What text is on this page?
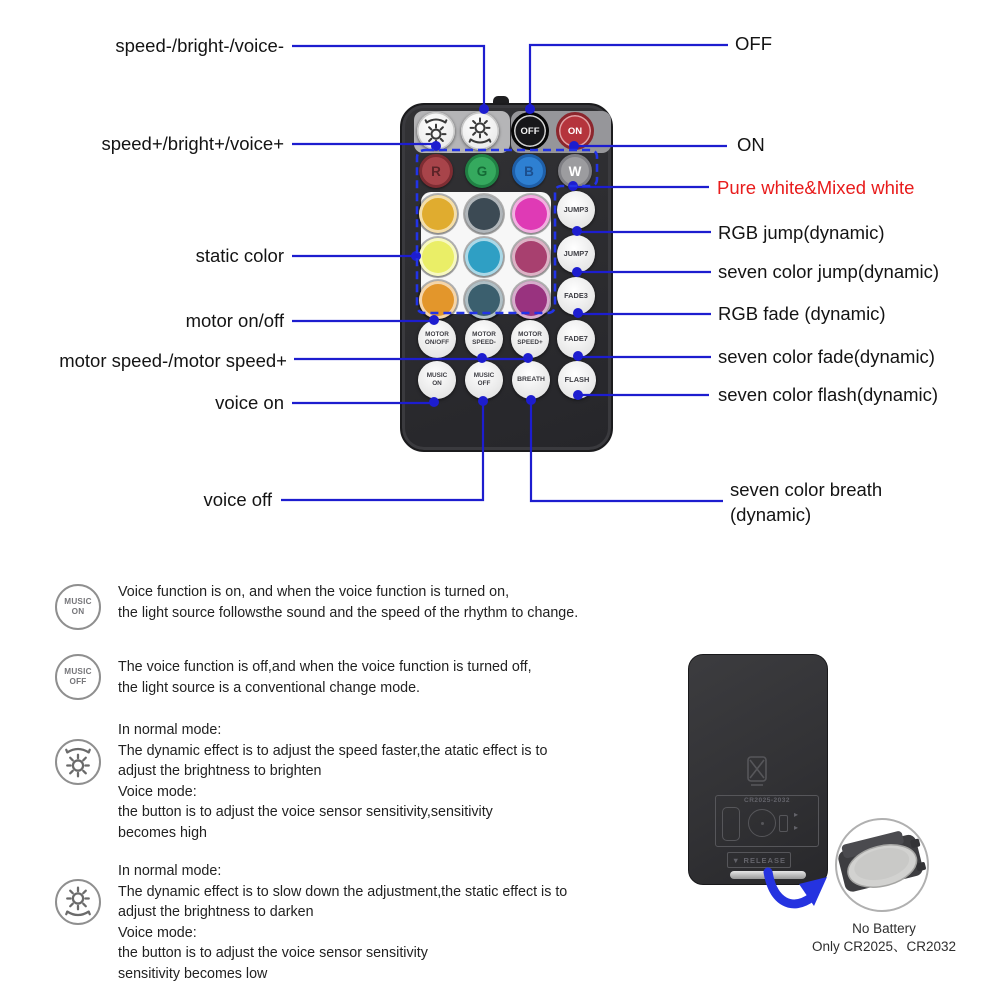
speed-/bright-/voice-
speed+/bright+/voice+
static color
motor on/off
motor speed-/motor speed+
voice on
voice off
OFF
ON
Pure white&Mixed white
RGB jump(dynamic)
seven color jump(dynamic)
RGB fade (dynamic)
seven color fade(dynamic)
seven color flash(dynamic)
seven color breath
(dynamic)
OFF	ON
R	G	B	W
JUMP3
JUMP7
FADE3
FADE7
FLASH
MOTOR
ON/OFF
MOTOR
SPEED-
MOTOR
SPEED+
MUSIC
ON
MUSIC
OFF
BREATH
MUSIC
ON
Voice function is on, and when the voice function is turned on,
the light source followsthe sound and the speed of the rhythm to change.
MUSIC
OFF
The voice function is off,and when the voice function is turned off,
the light source is a conventional change mode.
In normal mode:
The dynamic effect is to adjust the speed faster,the atatic effect is to
adjust the brightness to brighten
Voice mode:
the button is to adjust the voice sensor sensitivity,sensitivity
becomes high
In normal mode:
The dynamic effect is to slow down the adjustment,the static effect is to
adjust the brightness to darken
Voice mode:
the button is to adjust the voice sensor sensitivity
sensitivity becomes low
CR2025-2032
▸
▸
▼ RELEASE
No Battery
Only CR2025、CR2032
